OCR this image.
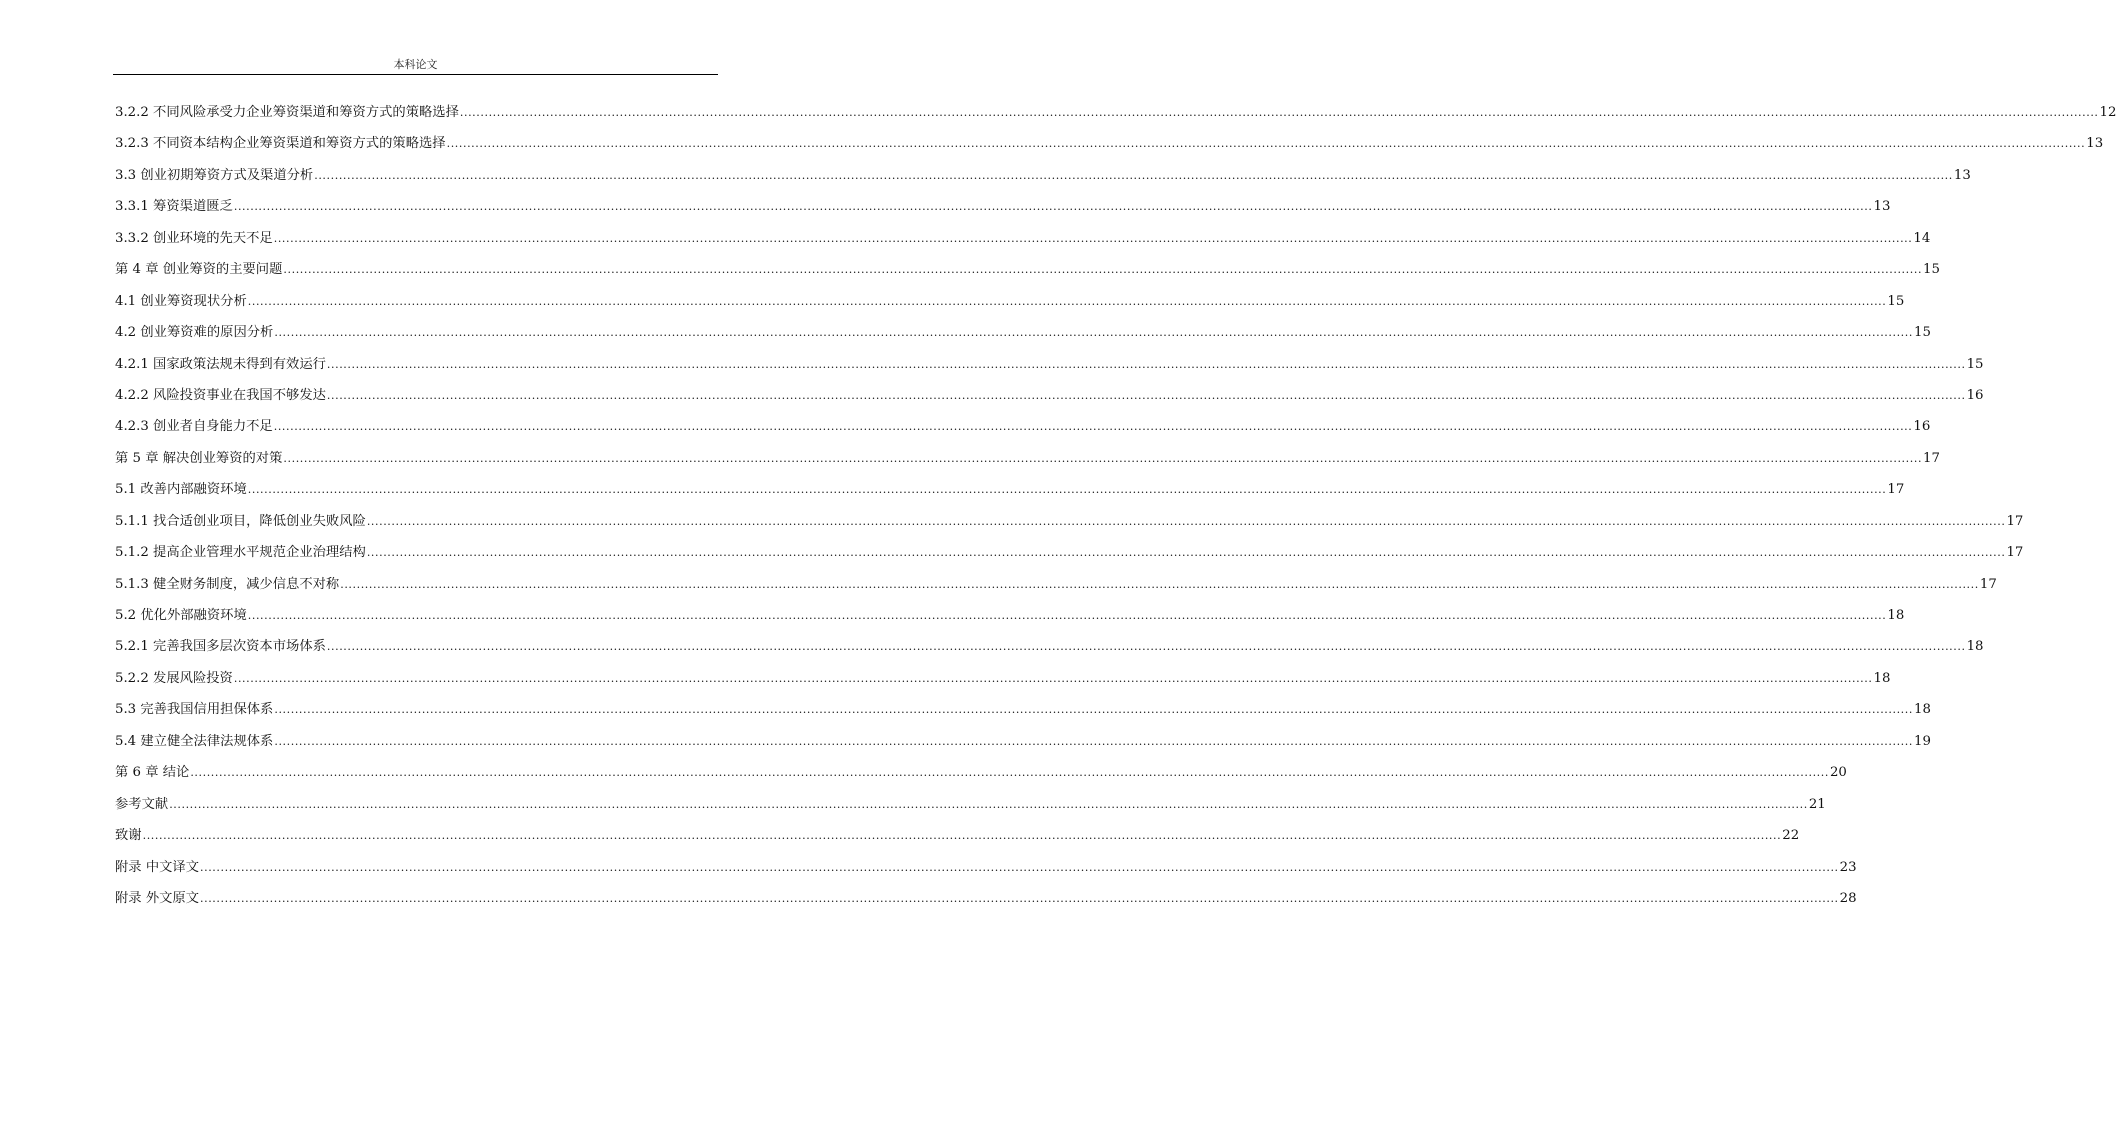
本科论文
3.2.2 不同风险承受力企业筹资渠道和筹资方式的策略选择 ................................................................................................................................................................................................................................................................................................................................................................................................................ 12
3.2.3 不同资本结构企业筹资渠道和筹资方式的策略选择 ................................................................................................................................................................................................................................................................................................................................................................................................................ 13
3.3 创业初期筹资方式及渠道分析 ................................................................................................................................................................................................................................................................................................................................................................................................................ 13
3.3.1 筹资渠道匮乏 ................................................................................................................................................................................................................................................................................................................................................................................................................ 13
3.3.2 创业环境的先天不足 ................................................................................................................................................................................................................................................................................................................................................................................................................ 14
第 4 章 创业筹资的主要问题 ................................................................................................................................................................................................................................................................................................................................................................................................................ 15
4.1 创业筹资现状分析 ................................................................................................................................................................................................................................................................................................................................................................................................................ 15
4.2 创业筹资难的原因分析 ................................................................................................................................................................................................................................................................................................................................................................................................................ 15
4.2.1 国家政策法规未得到有效运行 ................................................................................................................................................................................................................................................................................................................................................................................................................ 15
4.2.2 风险投资事业在我国不够发达 ................................................................................................................................................................................................................................................................................................................................................................................................................ 16
4.2.3 创业者自身能力不足 ................................................................................................................................................................................................................................................................................................................................................................................................................ 16
第 5 章 解决创业筹资的对策 ................................................................................................................................................................................................................................................................................................................................................................................................................ 17
5.1 改善内部融资环境 ................................................................................................................................................................................................................................................................................................................................................................................................................ 17
5.1.1 找合适创业项目，降低创业失败风险 ................................................................................................................................................................................................................................................................................................................................................................................................................ 17
5.1.2 提高企业管理水平规范企业治理结构 ................................................................................................................................................................................................................................................................................................................................................................................................................ 17
5.1.3 健全财务制度，减少信息不对称 ................................................................................................................................................................................................................................................................................................................................................................................................................ 17
5.2 优化外部融资环境 ................................................................................................................................................................................................................................................................................................................................................................................................................ 18
5.2.1 完善我国多层次资本市场体系 ................................................................................................................................................................................................................................................................................................................................................................................................................ 18
5.2.2 发展风险投资 ................................................................................................................................................................................................................................................................................................................................................................................................................ 18
5.3 完善我国信用担保体系 ................................................................................................................................................................................................................................................................................................................................................................................................................ 18
5.4 建立健全法律法规体系 ................................................................................................................................................................................................................................................................................................................................................................................................................ 19
第 6 章 结论 ................................................................................................................................................................................................................................................................................................................................................................................................................ 20
参考文献 ................................................................................................................................................................................................................................................................................................................................................................................................................ 21
致谢 ................................................................................................................................................................................................................................................................................................................................................................................................................ 22
附录 中文译文 ................................................................................................................................................................................................................................................................................................................................................................................................................ 23
附录 外文原文 ................................................................................................................................................................................................................................................................................................................................................................................................................ 28
